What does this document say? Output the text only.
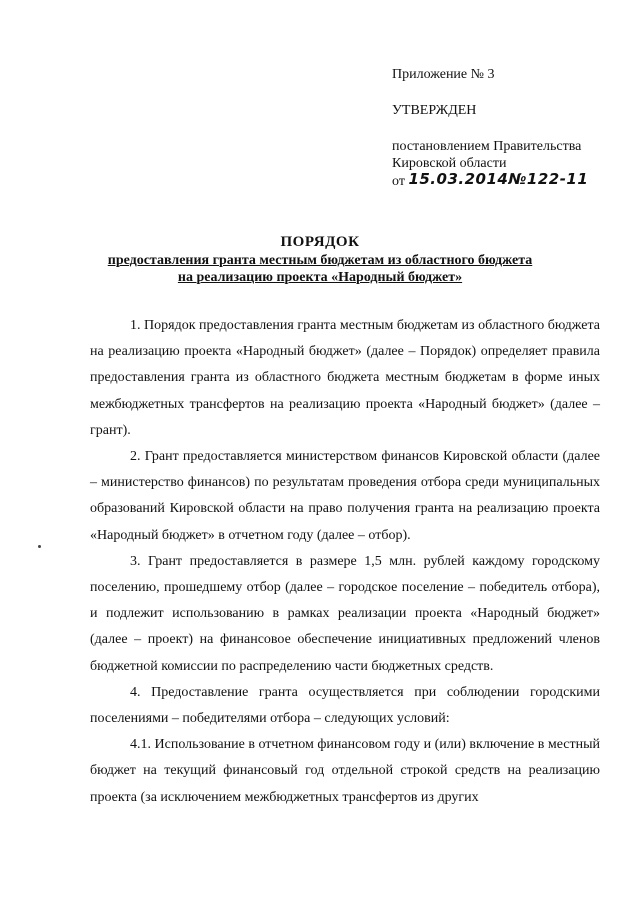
Приложение № 3

УТВЕРЖДЕН

постановлением Правительства
Кировской области
от 15.03.2014№122-11
ПОРЯДОК
предоставления гранта местным бюджетам из областного бюджета
на реализацию проекта «Народный бюджет»

1. Порядок предоставления гранта местным бюджетам из областного бюджета на реализацию проекта «Народный бюджет» (далее – Порядок) определяет правила предоставления гранта из областного бюджета местным бюджетам в форме иных межбюджетных трансфертов на реализацию проекта «Народный бюджет» (далее – грант).

2. Грант предоставляется министерством финансов Кировской области (далее – министерство финансов) по результатам проведения отбора среди муниципальных образований Кировской области на право получения гранта на реализацию проекта «Народный бюджет» в отчетном году (далее – отбор).

3. Грант предоставляется в размере 1,5 млн. рублей каждому городскому поселению, прошедшему отбор (далее – городское поселение – победитель отбора), и подлежит использованию в рамках реализации проекта «Народный бюджет» (далее – проект) на финансовое обеспечение инициативных предложений членов бюджетной комиссии по распределению части бюджетных средств.

4. Предоставление гранта осуществляется при соблюдении городскими поселениями – победителями отбора – следующих условий:

4.1. Использование в отчетном финансовом году и (или) включение в местный бюджет на текущий финансовый год отдельной строкой средств на реализацию проекта (за исключением межбюджетных трансфертов из других
